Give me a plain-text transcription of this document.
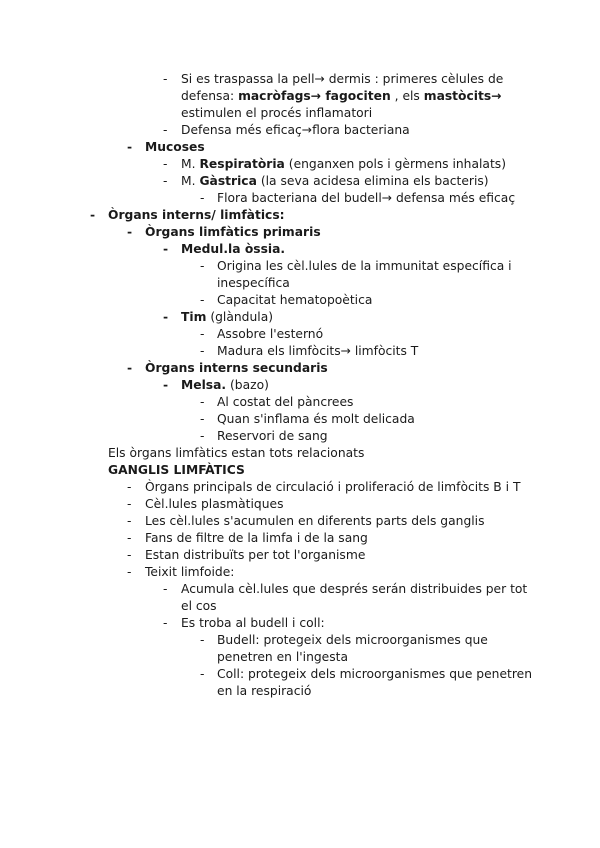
- Si es traspassa la pell→ dermis : primeres cèlules de
defensa: macròfags→ fagociten , els mastòcits→
estimulen el procés inflamatori
- Defensa més eficaç→flora bacteriana
- Mucoses
- M. Respiratòria (enganxen pols i gèrmens inhalats)
- M. Gàstrica (la seva acidesa elimina els bacteris)
- Flora bacteriana del budell→ defensa més eficaç
- Òrgans interns/ limfàtics:
- Òrgans limfàtics primaris
- Medul.la òssia.
- Origina les cèl.lules de la immunitat específica i
inespecífica
- Capacitat hematopoètica
- Tim (glàndula)
- Assobre l'esternó
- Madura els limfòcits→ limfòcits T
- Òrgans interns secundaris
- Melsa. (bazo)
- Al costat del pàncrees
- Quan s'inflama és molt delicada
- Reservori de sang
Els òrgans limfàtics estan tots relacionats
GANGLIS LIMFÀTICS
- Òrgans principals de circulació i proliferació de limfòcits B i T
- Cèl.lules plasmàtiques
- Les cèl.lules s'acumulen en diferents parts dels ganglis
- Fans de filtre de la limfa i de la sang
- Estan distribuïts per tot l'organisme
- Teixit limfoide:
- Acumula cèl.lules que després serán distribuides per tot
el cos
- Es troba al budell i coll:
- Budell: protegeix dels microorganismes que
penetren en l'ingesta
- Coll: protegeix dels microorganismes que penetren
en la respiració
